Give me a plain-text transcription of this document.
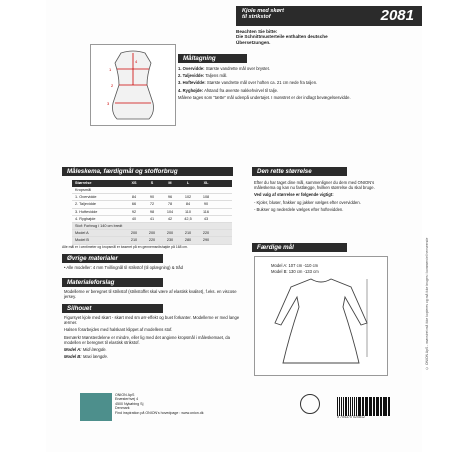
Kjole med skørt
til strikstof	2081
Beachten Sie bitte:
Die Schnittmusterteile enthalten deutsche
Übersetzungen.
1
2
3
4	Måltagning

1. Overvidde: Største vandrette mål over brystet.

2. Taljevidde: Taljens mål.

3. Hoftevidde: Største vandrette mål over hoften ca. 21 cm nede fra taljen.

4. Ryghøjde: Afstand fra øverste nakkehvirvel til talje.

Målene tages som "tætte" mål udenpå undertøjet. I mønstret er der indlagt bevægelsesvidde.

Måleskema, færdigmål og stofforbrug
Størrelse	XS	S	M	L	XL
Kropsmål
1. Overvidde	84	90	96	102	108
2. Taljevidde	66	72	78	84	90
3. Hoftevidde	92	98	104	110	116
4. Ryghøjde	40	41	42	42,5	43
Stof: Forbrug i 140 cm bredt
Model A	200	200	200	210	220
Model B	210	220	230	280	290
Alle mål er i centimeter og kropsmål er baseret på en gennemsnitshøjde på 168 cm.
Øvrige materialer
• Alle modeller: 4 mm Tvillingnål til strikstof (til oplægning) & tråd
Materialeforslag
Modellerne er beregnet til strikstof (strikstoffet skal være af elastisk kvalitet), f.eks. en viscose jersey.
Silhouet

Figursyet kjole med skørt - skørt med sm ørr-effekt og buet forkanter. Modellerne er med lange ærmer.

Halsen forarbejdes med halskant klippet af modellens stof.

Bemærk! Mønsterdelene er mindre, eller lig med det angivne kropsmål i måleskemaet, da modellen er beregnet til elastisk strikstof.

Model A: Midi længde.

Model B: Maxi længde.

Den rette størrelse

Efter du har taget dine mål, sammenligner du dem med ONION's måleskema og kan nu fastlægge, hvilken størrelse du skal bruge.

Ved valg af størrelse er følgende vigtigt:

- Kjoler, bluser, frakker og jakker vælges efter overvidden.

- Bukser og nederdele vælges efter hoftevidden.

Færdige mål
Model A: 107 cm -110 cm
Model B: 130 cm -133 cm
ONION ApS
Enæsterhvej 4
4500 Nykøbing Sj
Denmark
Find inspiration på ONION's hovedpage : www.onion.dk
5 704370 020812
© ONION ApS - mønstret må ikke kopieres og må ikke bruges i kommerciel henseende
